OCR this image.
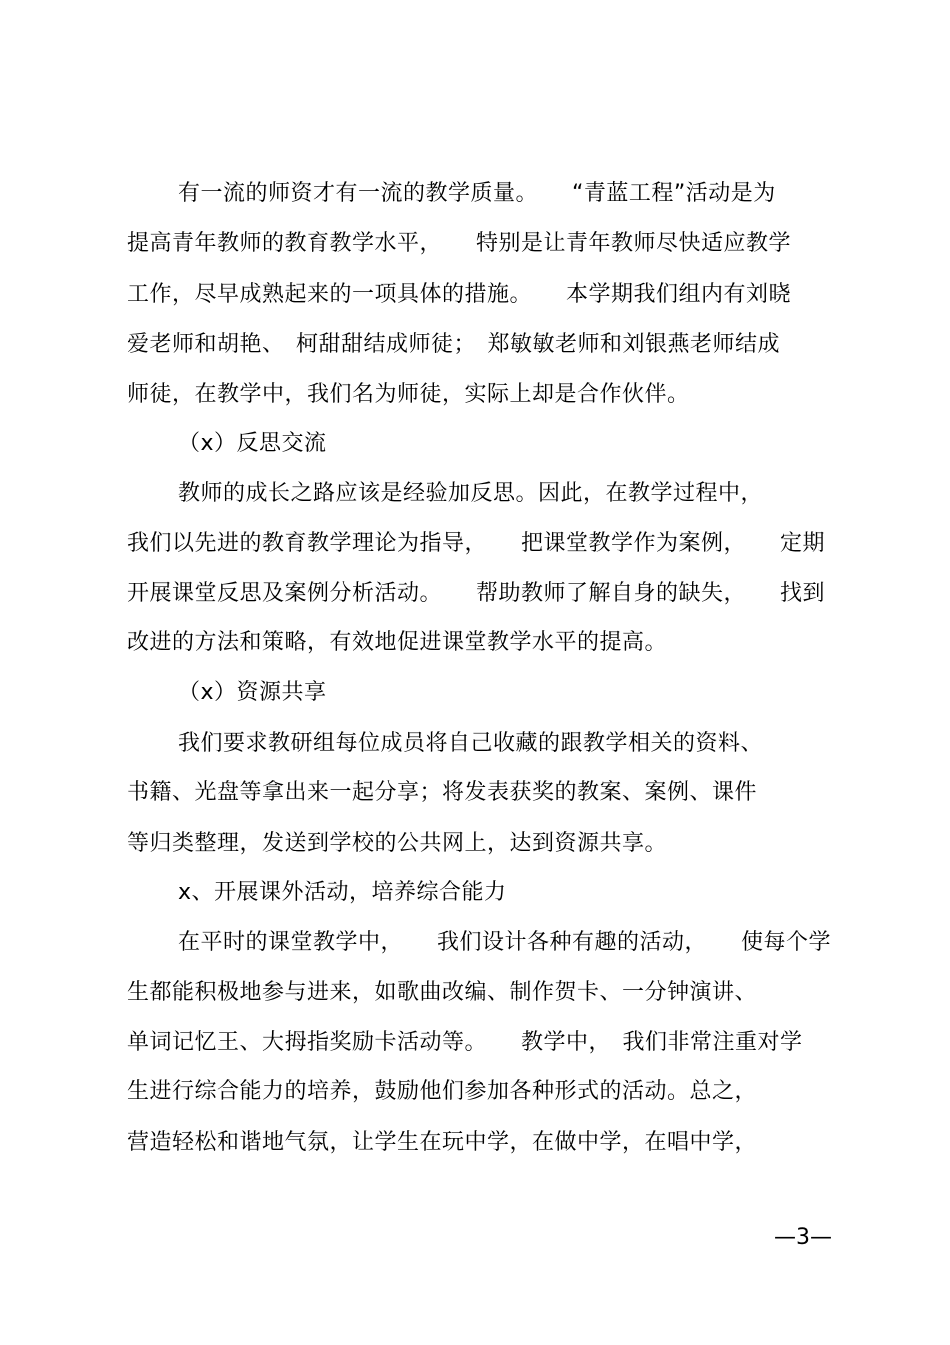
有一流的师资才有一流的教学质量。　　“青蓝工程”活动是为
提高青年教师的教育教学水平，　　特别是让青年教师尽快适应教学
工作，尽早成熟起来的一项具体的措施。　　本学期我们组内有刘晓
爱老师和胡艳、　柯甜甜结成师徒；　郑敏敏老师和刘银燕老师结成
师徒，在教学中，我们名为师徒，实际上却是合作伙伴。
（x）反思交流
教师的成长之路应该是经验加反思。因此，在教学过程中，
我们以先进的教育教学理论为指导，　　把课堂教学作为案例，　　定期
开展课堂反思及案例分析活动。　　帮助教师了解自身的缺失，　　找到
改进的方法和策略，有效地促进课堂教学水平的提高。
（x）资源共享
我们要求教研组每位成员将自己收藏的跟教学相关的资料、
书籍、光盘等拿出来一起分享；将发表获奖的教案、案例、课件
等归类整理，发送到学校的公共网上，达到资源共享。
x、开展课外活动，培养综合能力
在平时的课堂教学中，　　我们设计各种有趣的活动，　　使每个学
生都能积极地参与进来，如歌曲改编、制作贺卡、一分钟演讲、
单词记忆王、大拇指奖励卡活动等。　　教学中，　我们非常注重对学
生进行综合能力的培养，鼓励他们参加各种形式的活动。总之，
营造轻松和谐地气氛，让学生在玩中学，在做中学，在唱中学，
—3—
